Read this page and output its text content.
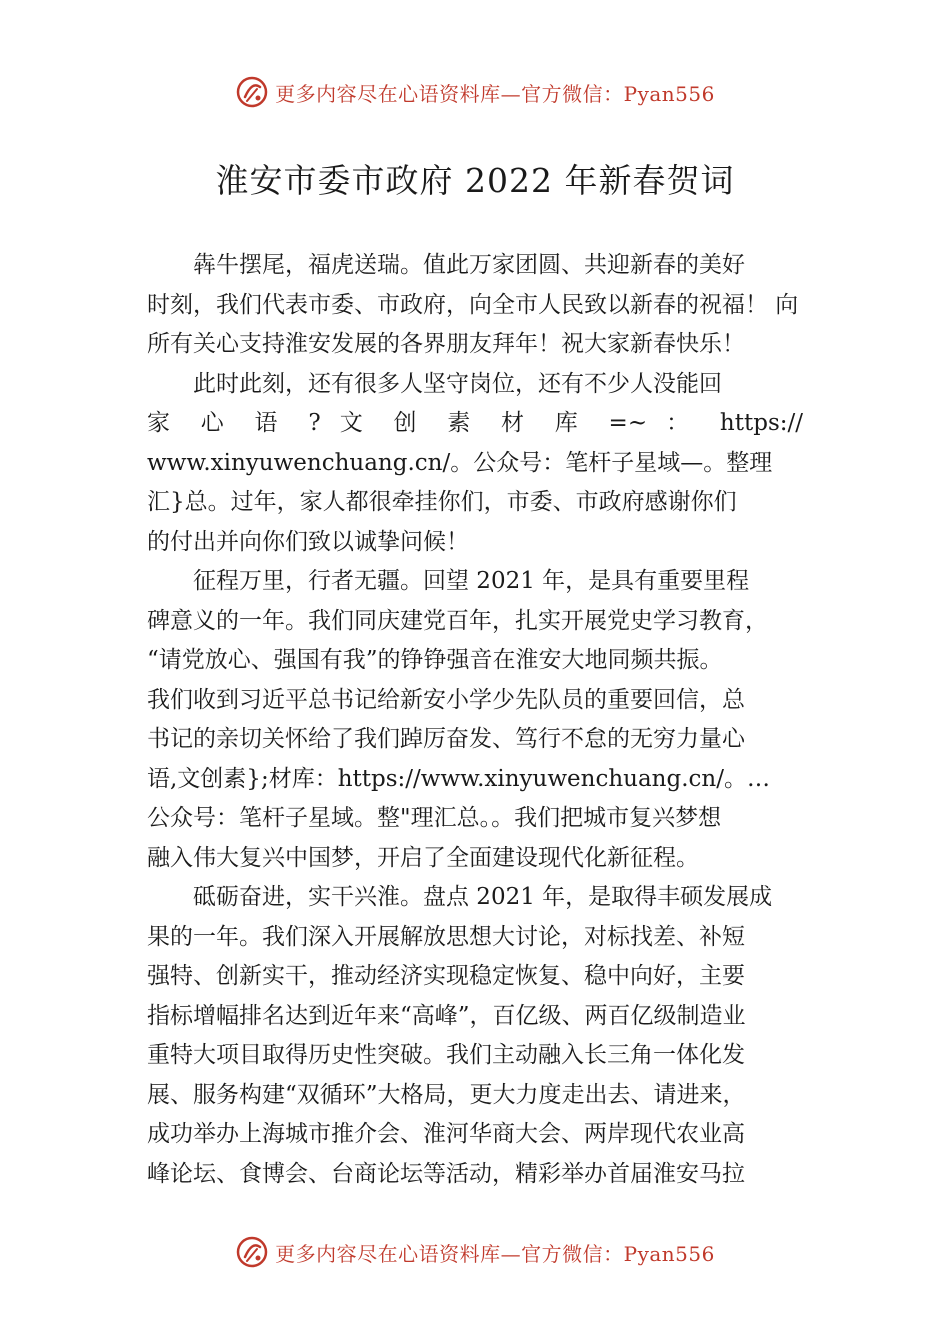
更多内容尽在心语资料库—官方微信：Pyan556
淮安市委市政府 2022 年新春贺词
犇牛摆尾，福虎送瑞。值此万家团圆、共迎新春的美好
时刻，我们代表市委、市政府，向全市人民致以新春的祝福！ 向
所有关心支持淮安发展的各界朋友拜年！祝大家新春快乐！
此时此刻，还有很多人坚守岗位，还有不少人没能回
家 心 语 ? 文 创 素 材 库 =~ ： https://
www.xinyuwenchuang.cn/。公众号：笔杆子星域—。整理
汇}总。过年，家人都很牵挂你们，市委、市政府感谢你们
的付出并向你们致以诚挚问候！
征程万里，行者无疆。回望 2021 年，是具有重要里程
碑意义的一年。我们同庆建党百年，扎实开展党史学习教育，
“请党放心、强国有我”的铮铮强音在淮安大地同频共振。
我们收到习近平总书记给新安小学少先队员的重要回信，总
书记的亲切关怀给了我们踔厉奋发、笃行不怠的无穷力量心
语,文创素};材库：https://www.xinyuwenchuang.cn/。…
公众号：笔杆子星域。整"理汇总。。我们把城市复兴梦想
融入伟大复兴中国梦，开启了全面建设现代化新征程。
砥砺奋进，实干兴淮。盘点 2021 年，是取得丰硕发展成
果的一年。我们深入开展解放思想大讨论，对标找差、补短
强特、创新实干，推动经济实现稳定恢复、稳中向好，主要
指标增幅排名达到近年来“高峰”，百亿级、两百亿级制造业
重特大项目取得历史性突破。我们主动融入长三角一体化发
展、服务构建“双循环”大格局，更大力度走出去、请进来，
成功举办上海城市推介会、淮河华商大会、两岸现代农业高
峰论坛、食博会、台商论坛等活动，精彩举办首届淮安马拉
更多内容尽在心语资料库—官方微信：Pyan556
